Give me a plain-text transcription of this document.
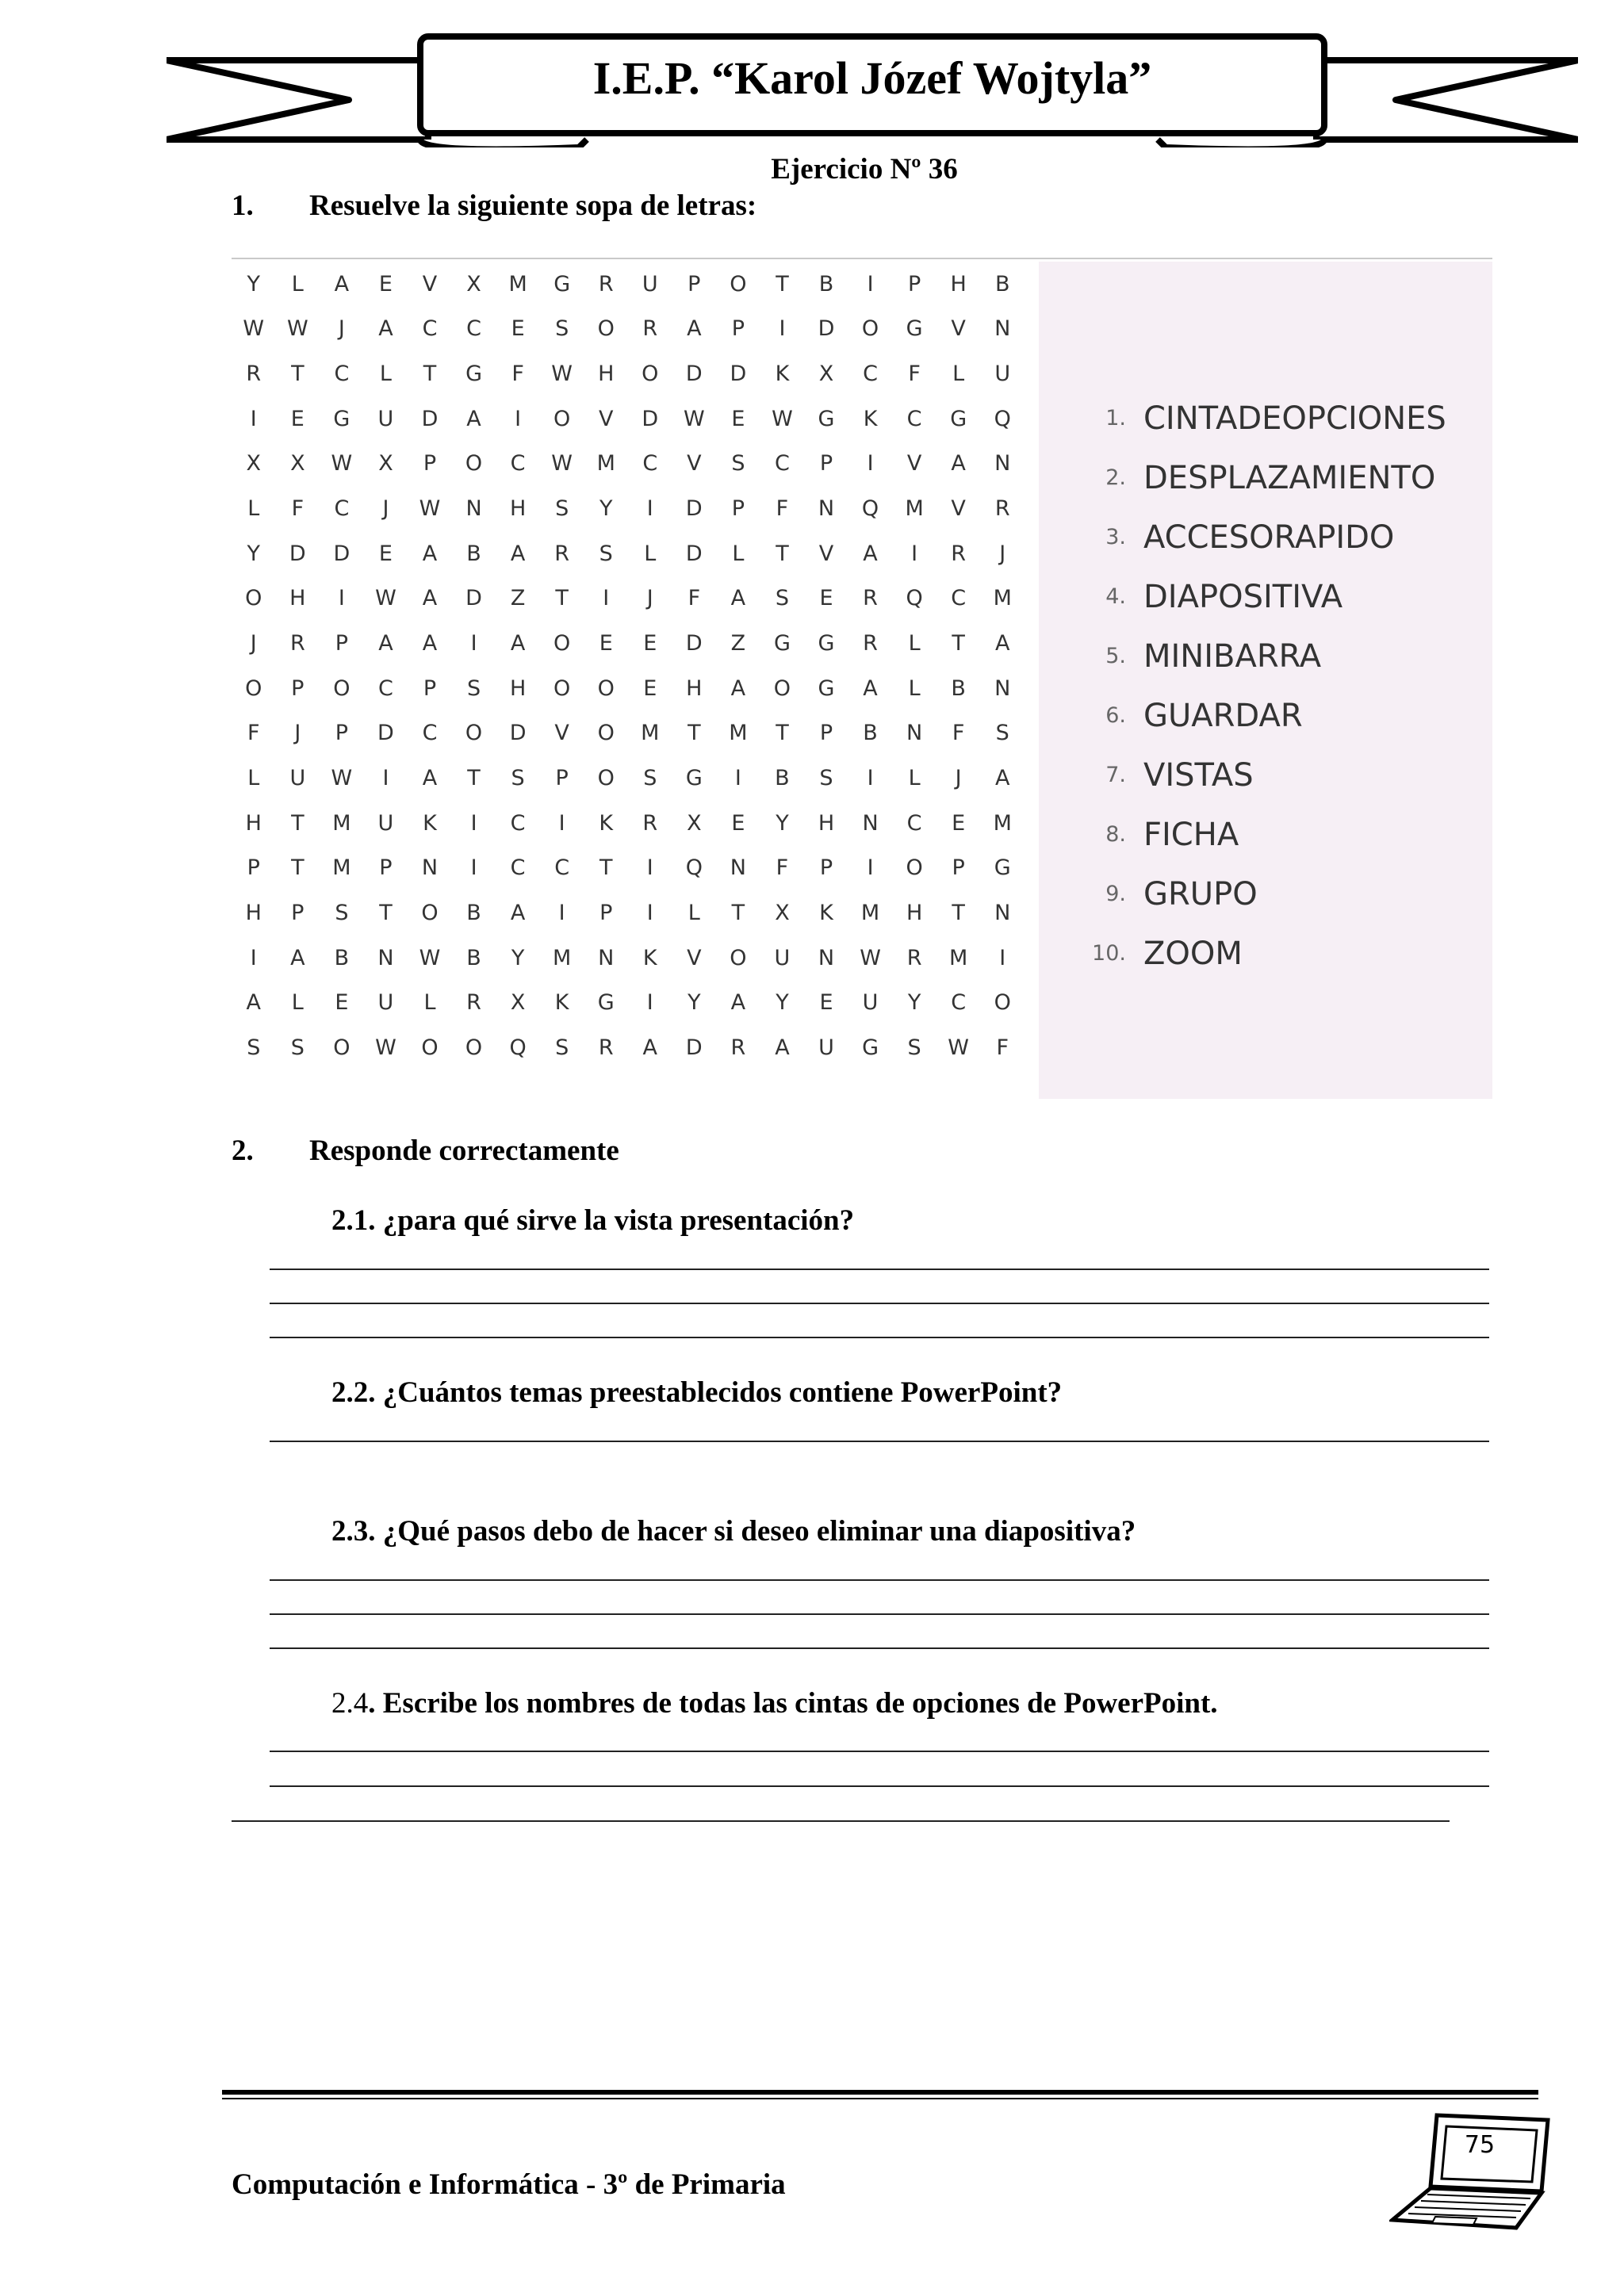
I.E.P. “Karol Józef Wojtyla”
Ejercicio Nº 36
1. Resuelve la siguiente sopa de letras:
Y	L	A	E	V	X	M	G	R	U	P	O	T	B	I	P	H	B
W	W	J	A	C	C	E	S	O	R	A	P	I	D	O	G	V	N
R	T	C	L	T	G	F	W	H	O	D	D	K	X	C	F	L	U
I	E	G	U	D	A	I	O	V	D	W	E	W	G	K	C	G	Q
X	X	W	X	P	O	C	W	M	C	V	S	C	P	I	V	A	N
L	F	C	J	W	N	H	S	Y	I	D	P	F	N	Q	M	V	R
Y	D	D	E	A	B	A	R	S	L	D	L	T	V	A	I	R	J
O	H	I	W	A	D	Z	T	I	J	F	A	S	E	R	Q	C	M
J	R	P	A	A	I	A	O	E	E	D	Z	G	G	R	L	T	A
O	P	O	C	P	S	H	O	O	E	H	A	O	G	A	L	B	N
F	J	P	D	C	O	D	V	O	M	T	M	T	P	B	N	F	S
L	U	W	I	A	T	S	P	O	S	G	I	B	S	I	L	J	A
H	T	M	U	K	I	C	I	K	R	X	E	Y	H	N	C	E	M
P	T	M	P	N	I	C	C	T	I	Q	N	F	P	I	O	P	G
H	P	S	T	O	B	A	I	P	I	L	T	X	K	M	H	T	N
I	A	B	N	W	B	Y	M	N	K	V	O	U	N	W	R	M	I
A	L	E	U	L	R	X	K	G	I	Y	A	Y	E	U	Y	C	O
S	S	O	W	O	O	Q	S	R	A	D	R	A	U	G	S	W	F
1. CINTADEOPCIONES
2. DESPLAZAMIENTO
3. ACCESORAPIDO
4. DIAPOSITIVA
5. MINIBARRA
6. GUARDAR
7. VISTAS
8. FICHA
9. GRUPO
10. ZOOM
2. Responde correctamente
2.1. ¿para qué sirve la vista presentación?
2.2. ¿Cuántos temas preestablecidos contiene PowerPoint?
2.3. ¿Qué pasos debo de hacer si deseo eliminar una diapositiva?
2.4. Escribe los nombres de todas las cintas de opciones de PowerPoint.
Computación e Informática - 3º de Primaria
75
